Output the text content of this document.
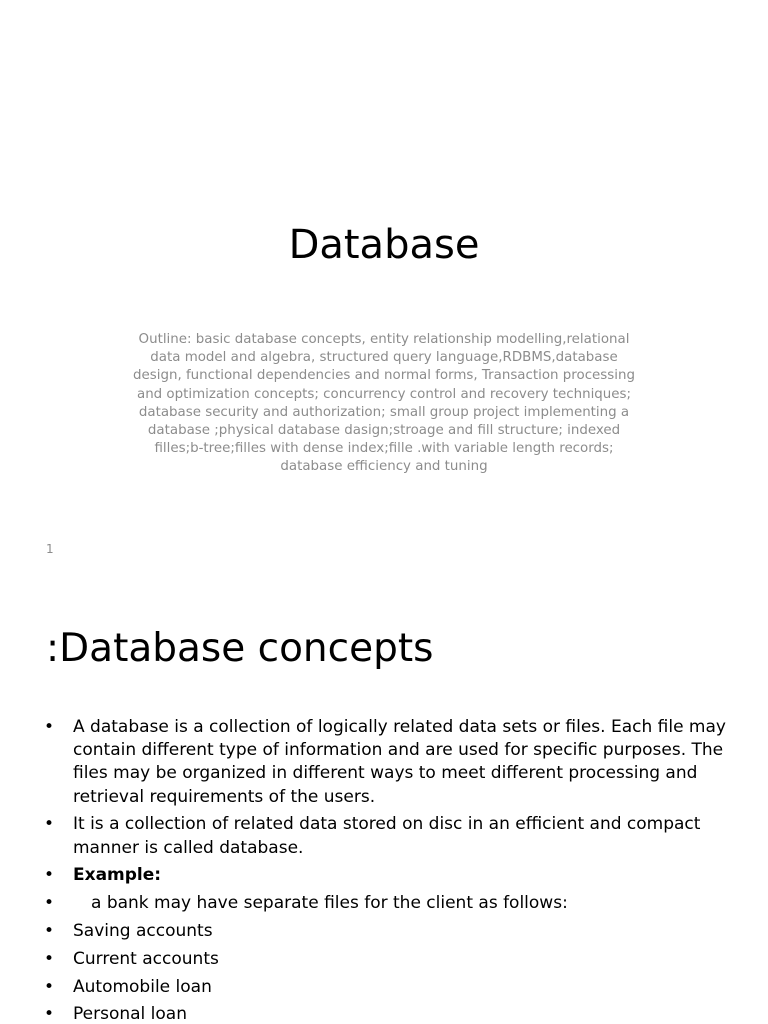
Database
Outline: basic database concepts, entity relationship modelling,relational data model and algebra, structured query language,RDBMS,database design, functional dependencies and normal forms, Transaction processing and optimization concepts; concurrency control and recovery techniques; database security and authorization; small group project implementing a database ;physical database dasign;stroage and fill structure; indexed filles;b-tree;filles with dense index;fille .with variable length records; database efficiency and tuning
1
:Database concepts
• A database is a collection of logically related data sets or files. Each file may contain different type of information and are used for specific purposes. The files may be organized in different ways to meet different processing and retrieval requirements of the users.
• It is a collection of related data stored on disc in an efficient and compact manner is called database.
• Example:
• a bank may have separate files for the client as follows:
• Saving accounts
• Current accounts
• Automobile loan
• Personal loan
